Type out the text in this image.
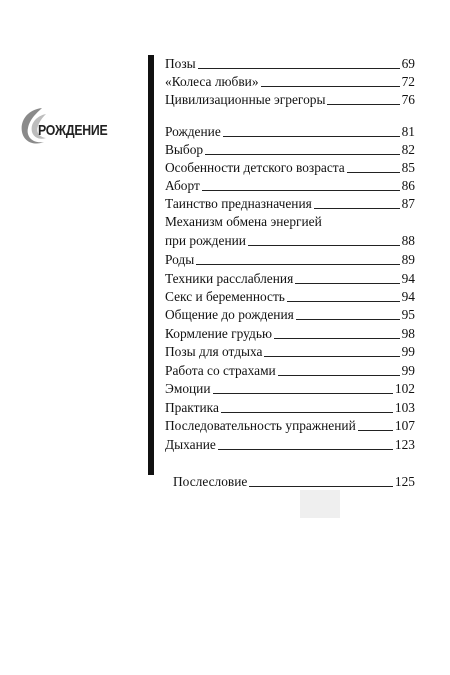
РОЖДЕНИЕ
Позы	69
«Колеса любви»	72
Цивилизационные эгрегоры	76
Рождение	81
Выбор	82
Особенности детского возраста	85
Аборт	86
Таинство предназначения	87
Механизм обмена энергией
при рождении	88
Роды	89
Техники расслабления	94
Секс и беременность	94
Общение до рождения	95
Кормление грудью	98
Позы для отдыха	99
Работа со страхами	99
Эмоции	102
Практика	103
Последовательность упражнений	107
Дыхание	123
Послесловие	125
